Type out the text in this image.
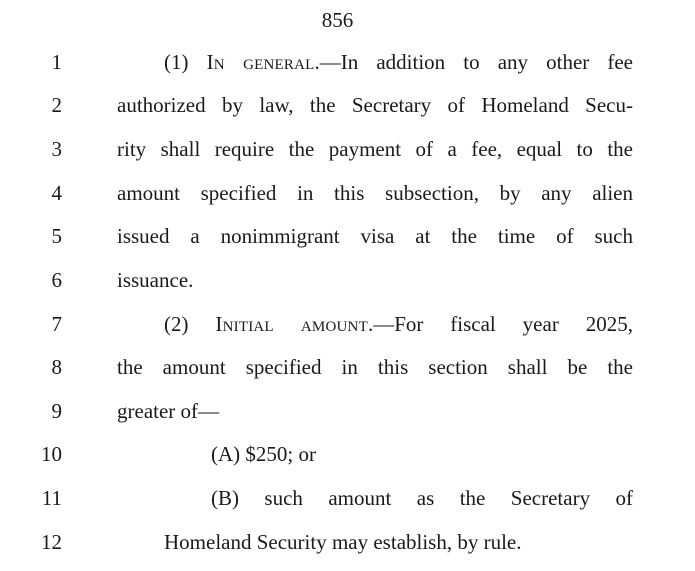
856
1	(1) In general.—In addition to any other fee
2	authorized by law, the Secretary of Homeland Secu-
3	rity shall require the payment of a fee, equal to the
4	amount specified in this subsection, by any alien
5	issued a nonimmigrant visa at the time of such
6	issuance.
7	(2) Initial amount.—For fiscal year 2025,
8	the amount specified in this section shall be the
9	greater of—
10	(A) $250; or
11	(B) such amount as the Secretary of
12	Homeland Security may establish, by rule.
